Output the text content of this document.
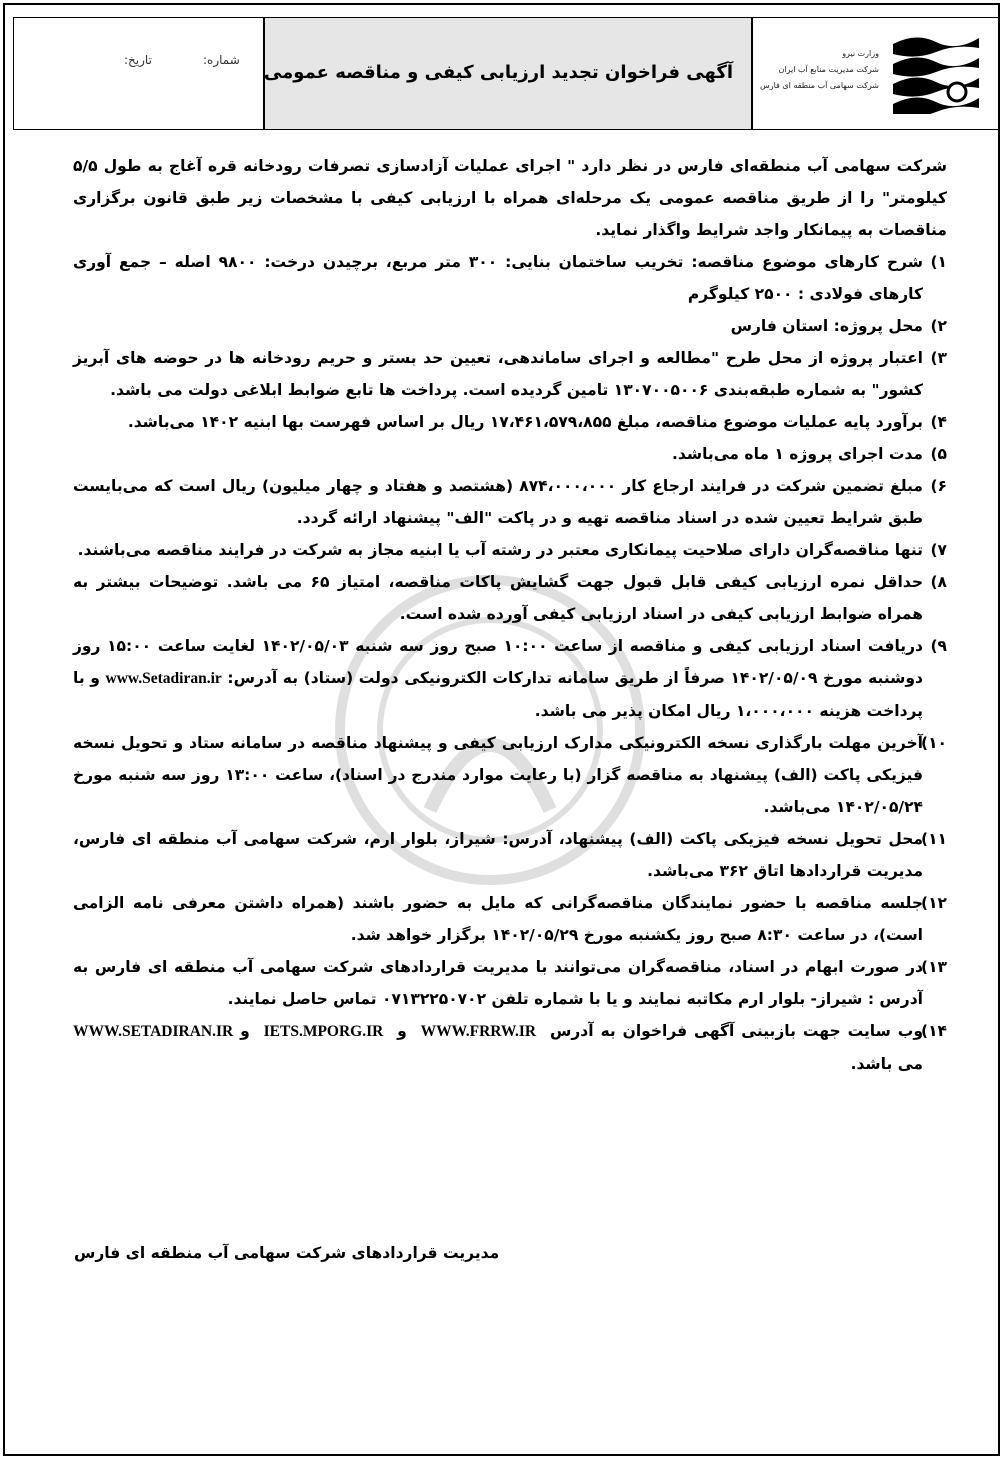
شماره:
تاریخ:
آگهی فراخوان تجدید ارزیابی کیفی و مناقصه عمومی
وزارت نیرو
شرکت مدیریت منابع آب ایران
شرکت سهامی آب منطقه ای فارس

شرکت سهامی آب منطقه‌ای فارس در نظر دارد " اجرای عملیات آزادسازی تصرفات رودخانه قره آغاج به طول ۵/۵ کیلومتر" را از طریق مناقصه عمومی یک مرحله‌ای همراه با ارزیابی کیفی با مشخصات زیر طبق قانون برگزاری مناقصات به پیمانکار واجد شرایط واگذار نماید.

۱)
شرح کارهای موضوع مناقصه: تخریب ساختمان بنایی: ۳۰۰ متر مربع، برچیدن درخت: ۹۸۰۰ اصله – جمع آوری کارهای فولادی : ۲۵۰۰ کیلوگرم
۲)
محل پروژه: استان فارس
۳)
اعتبار پروژه از محل طرح "مطالعه و اجرای ساماندهی، تعیین حد بستر و حریم رودخانه ها در حوضه های آبریز کشور" به شماره طبقه‌بندی ۱۳۰۷۰۰۵۰۰۶ تامین گردیده است. پرداخت ها تابع ضوابط ابلاغی دولت می باشد.
۴)
برآورد پایه عملیات موضوع مناقصه، مبلغ ۱۷،۴۶۱،۵۷۹،۸۵۵ ریال بر اساس فهرست بها ابنیه ۱۴۰۲ می‌باشد.
۵)
مدت اجرای پروژه ۱ ماه می‌باشد.
۶)
مبلغ تضمین شرکت در فرایند ارجاع کار ۸۷۴،۰۰۰،۰۰۰ (هشتصد و هفتاد و چهار میلیون) ریال است که می‌بایست طبق شرایط تعیین شده در اسناد مناقصه تهیه و در پاکت "الف" پیشنهاد ارائه گردد.
۷)
تنها مناقصه‌گران دارای صلاحیت پیمانکاری معتبر در رشته آب یا ابنیه مجاز به شرکت در فرایند مناقصه می‌باشند.
۸)
حداقل نمره ارزیابی کیفی قابل قبول جهت گشایش پاکات مناقصه، امتیاز ۶۵ می باشد. توضیحات بیشتر به همراه ضوابط ارزیابی کیفی در اسناد ارزیابی کیفی آورده شده است.
۹)
دریافت اسناد ارزیابی کیفی و مناقصه از ساعت ۱۰:۰۰ صبح روز سه شنبه ۱۴۰۲/۰۵/۰۳ لغایت ساعت ۱۵:۰۰ روز دوشنبه مورخ ۱۴۰۲/۰۵/۰۹ صرفاً از طریق سامانه تدارکات الکترونیکی دولت (ستاد) به آدرس: www.Setadiran.ir و با پرداخت هزینه ۱،۰۰۰،۰۰۰ ریال امکان پذیر می باشد.
۱۰)
آخرین مهلت بارگذاری نسخه الکترونیکی مدارک ارزیابی کیفی و پیشنهاد مناقصه در سامانه ستاد و تحویل نسخه فیزیکی پاکت (الف) پیشنهاد به مناقصه گزار (با رعایت موارد مندرج در اسناد)، ساعت ۱۳:۰۰ روز سه شنبه مورخ ۱۴۰۲/۰۵/۲۴ می‌باشد.
۱۱)
محل تحویل نسخه فیزیکی پاکت (الف) پیشنهاد، آدرس: شیراز، بلوار ارم، شرکت سهامی آب منطقه ای فارس، مدیریت قراردادها اتاق ۳۶۲ می‌باشد.
۱۲)
جلسه مناقصه با حضور نمایندگان مناقصه‌گرانی که مایل به حضور باشند (همراه داشتن معرفی نامه الزامی است)، در ساعت ۸:۳۰ صبح روز یکشنبه مورخ ۱۴۰۲/۰۵/۲۹ برگزار خواهد شد.
۱۳)
در صورت ابهام در اسناد، مناقصه‌گران می‌توانند با مدیریت قراردادهای شرکت سهامی آب منطقه ای فارس به آدرس : شیراز- بلوار ارم مکاتبه نمایند و یا با شماره تلفن ۰۷۱۳۲۲۵۰۷۰۲ تماس حاصل نمایند.
۱۴)
وب سایت جهت بازبینی آگهی فراخوان به آدرس  WWW.FRRW.IR  و  IETS.MPORG.IR  و WWW.SETADIRAN.IR می باشد.
مدیریت قراردادهای شرکت سهامی آب منطقه ای فارس
